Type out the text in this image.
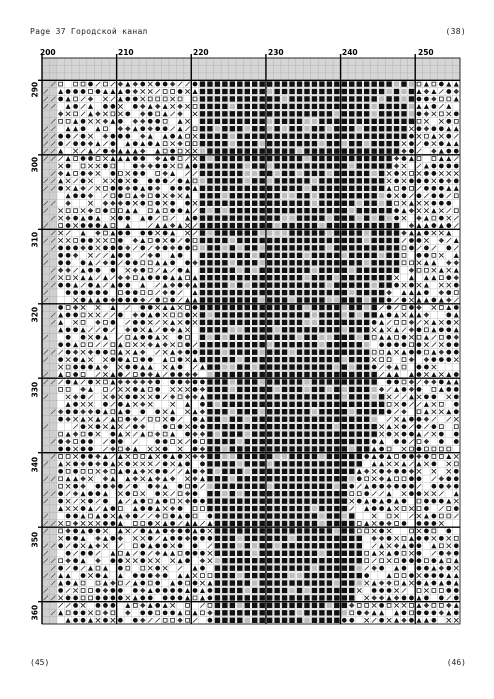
Page 37 Городской канал	(38)
200	210	220	230	240	250
290
300
310
320
330
340
350
360
(45)	(46)
